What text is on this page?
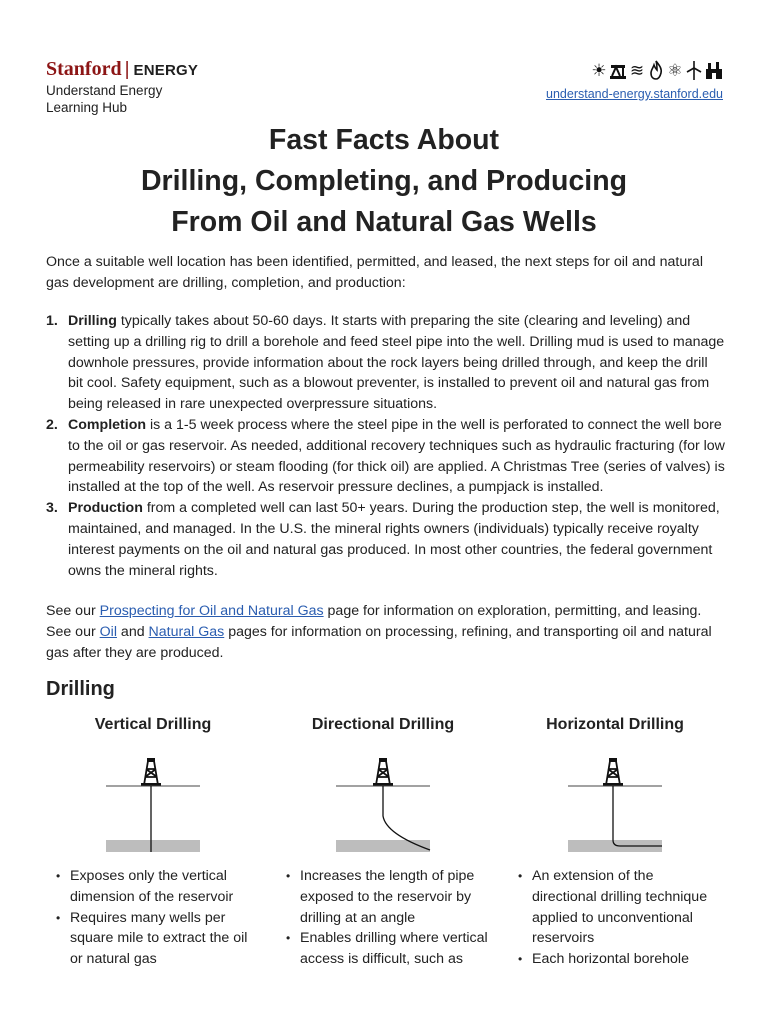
Stanford | ENERGY
Understand Energy
Learning Hub
☀ ≋ ⚛
understand-energy.stanford.edu
Fast Facts About
Drilling, Completing, and Producing
From Oil and Natural Gas Wells
Once a suitable well location has been identified, permitted, and leased, the next steps for oil and natural gas development are drilling, completion, and production:
1. Drilling typically takes about 50-60 days. It starts with preparing the site (clearing and leveling) and setting up a drilling rig to drill a borehole and feed steel pipe into the well. Drilling mud is used to manage downhole pressures, provide information about the rock layers being drilled through, and keep the drill bit cool. Safety equipment, such as a blowout preventer, is installed to prevent oil and natural gas from being released in rare unexpected overpressure situations.
2. Completion is a 1-5 week process where the steel pipe in the well is perforated to connect the well bore to the oil or gas reservoir. As needed, additional recovery techniques such as hydraulic fracturing (for low permeability reservoirs) or steam flooding (for thick oil) are applied. A Christmas Tree (series of valves) is installed at the top of the well. As reservoir pressure declines, a pumpjack is installed.
3. Production from a completed well can last 50+ years. During the production step, the well is monitored, maintained, and managed. In the U.S. the mineral rights owners (individuals) typically receive royalty interest payments on the oil and natural gas produced. In most other countries, the federal government owns the mineral rights.
See our Prospecting for Oil and Natural Gas page for information on exploration, permitting, and leasing.
See our Oil and Natural Gas pages for information on processing, refining, and transporting oil and natural gas after they are produced.
Drilling
Vertical Drilling
• Exposes only the vertical dimension of the reservoir
• Requires many wells per square mile to extract the oil or natural gas
Directional Drilling
• Increases the length of pipe exposed to the reservoir by drilling at an angle
• Enables drilling where vertical access is difficult, such as
Horizontal Drilling
• An extension of the directional drilling technique applied to unconventional reservoirs
• Each horizontal borehole
